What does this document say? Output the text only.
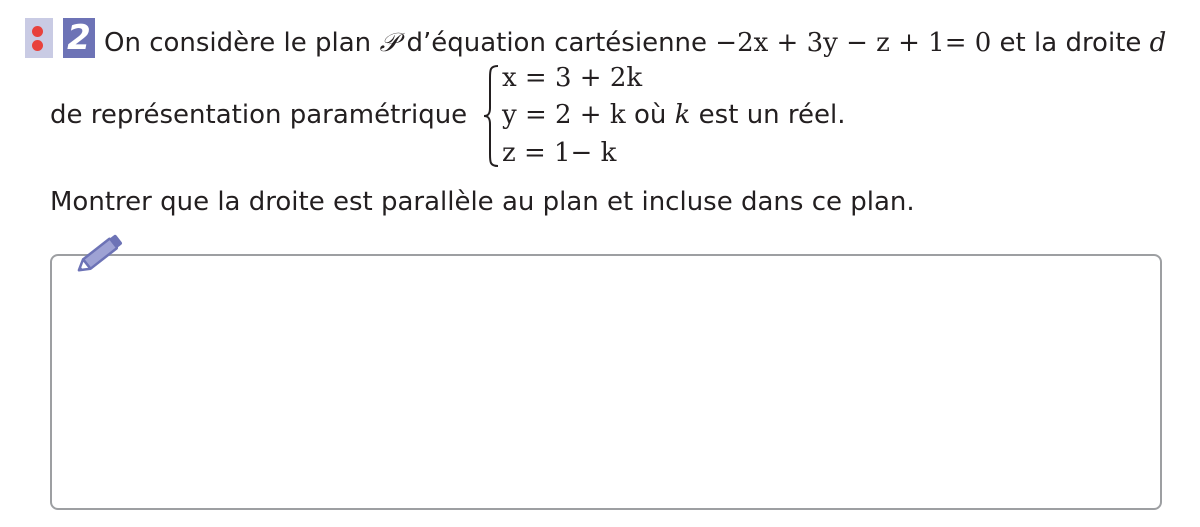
2 On considère le plan 𝒫 d’équation cartésienne −2x + 3y − z + 1= 0 et la droite d
de représentation paramétrique
x = 3 + 2k
y = 2 + k
z = 1− k
où k est un réel.
Montrer que la droite est parallèle au plan et incluse dans ce plan.
